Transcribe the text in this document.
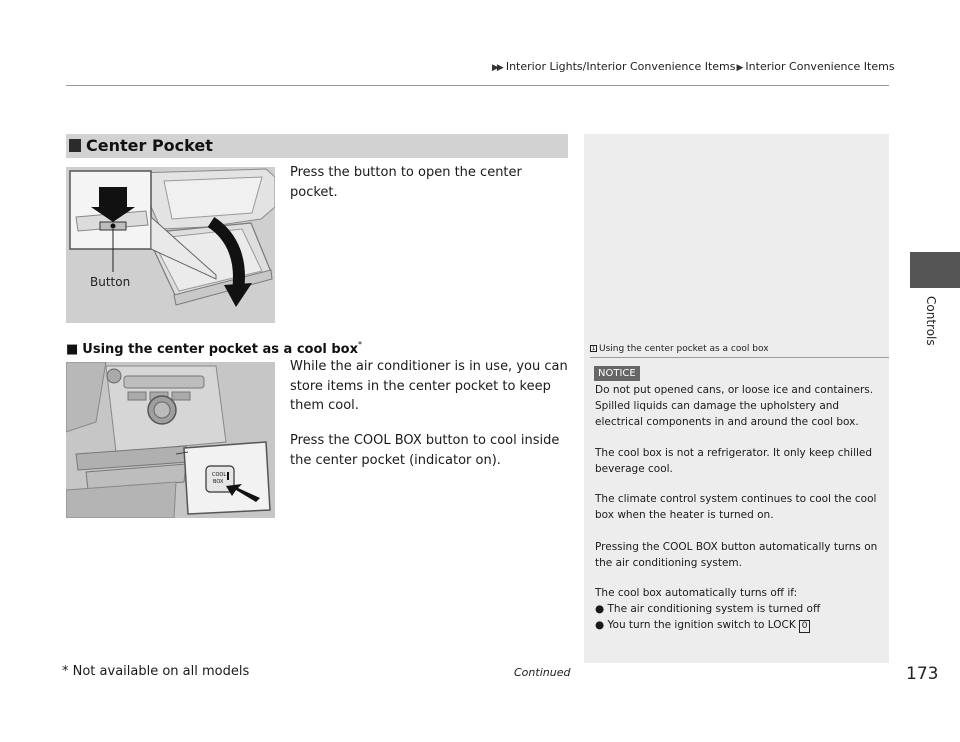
▶▶ Interior Lights/Interior Convenience Items▶ Interior Convenience Items
Controls
Center Pocket
Button
Press the button to open the center pocket.
■ Using the center pocket as a cool box*
COOL
BOX
While the air conditioner is in use, you can store items in the center pocket to keep them cool.
Press the COOL BOX button to cool inside the center pocket (indicator on).
1 Using the center pocket as a cool box
NOTICE
Do not put opened cans, or loose ice and containers. Spilled liquids can damage the upholstery and electrical components in and around the cool box.
The cool box is not a refrigerator. It only keep chilled beverage cool.
The climate control system continues to cool the cool box when the heater is turned on.
Pressing the COOL BOX button automatically turns on the air conditioning system.
The cool box automatically turns off if:
● The air conditioning system is turned off
● You turn the ignition switch to LOCK 0
* Not available on all models	Continued	173
